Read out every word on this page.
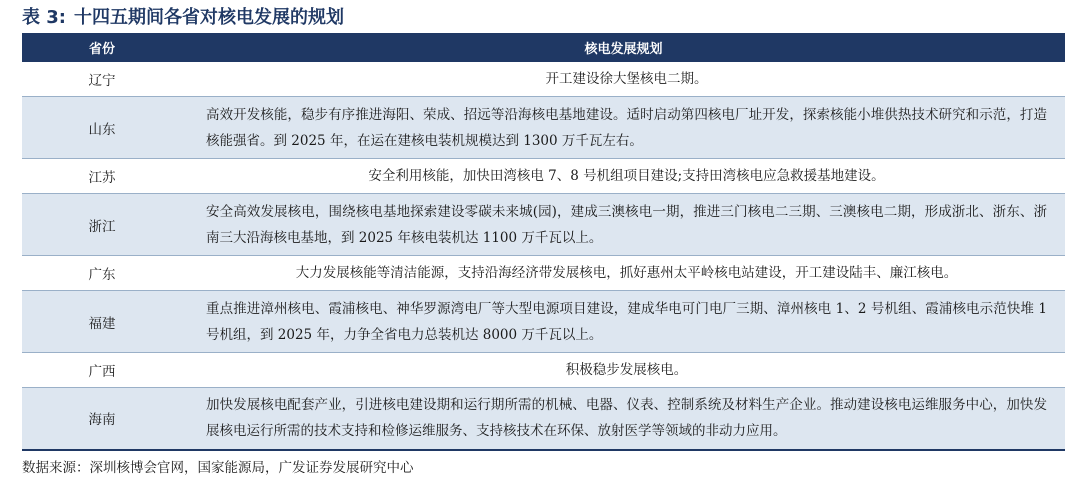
表 3: 十四五期间各省对核电发展的规划
省份	核电发展规划
辽宁	开工建设徐大堡核电二期。
山东	高效开发核能，稳步有序推进海阳、荣成、招远等沿海核电基地建设。适时启动第四核电厂址开发，探索核能小堆供热技术研究和示范，打造核能强省。到 2025 年，在运在建核电装机规模达到 1300 万千瓦左右。
江苏	安全利用核能，加快田湾核电 7、8 号机组项目建设;支持田湾核电应急救援基地建设。
浙江	安全高效发展核电，围绕核电基地探索建设零碳未来城(园)，建成三澳核电一期，推进三门核电二三期、三澳核电二期，形成浙北、浙东、浙南三大沿海核电基地，到 2025 年核电装机达 1100 万千瓦以上。
广东	大力发展核能等清洁能源，支持沿海经济带发展核电，抓好惠州太平岭核电站建设，开工建设陆丰、廉江核电。
福建	重点推进漳州核电、霞浦核电、神华罗源湾电厂等大型电源项目建设，建成华电可门电厂三期、漳州核电 1、2 号机组、霞浦核电示范快堆 1 号机组，到 2025 年，力争全省电力总装机达 8000 万千瓦以上。
广西	积极稳步发展核电。
海南	加快发展核电配套产业，引进核电建设期和运行期所需的机械、电器、仪表、控制系统及材料生产企业。推动建设核电运维服务中心，加快发展核电运行所需的技术支持和检修运维服务、支持核技术在环保、放射医学等领域的非动力应用。
数据来源：深圳核博会官网，国家能源局，广发证券发展研究中心
